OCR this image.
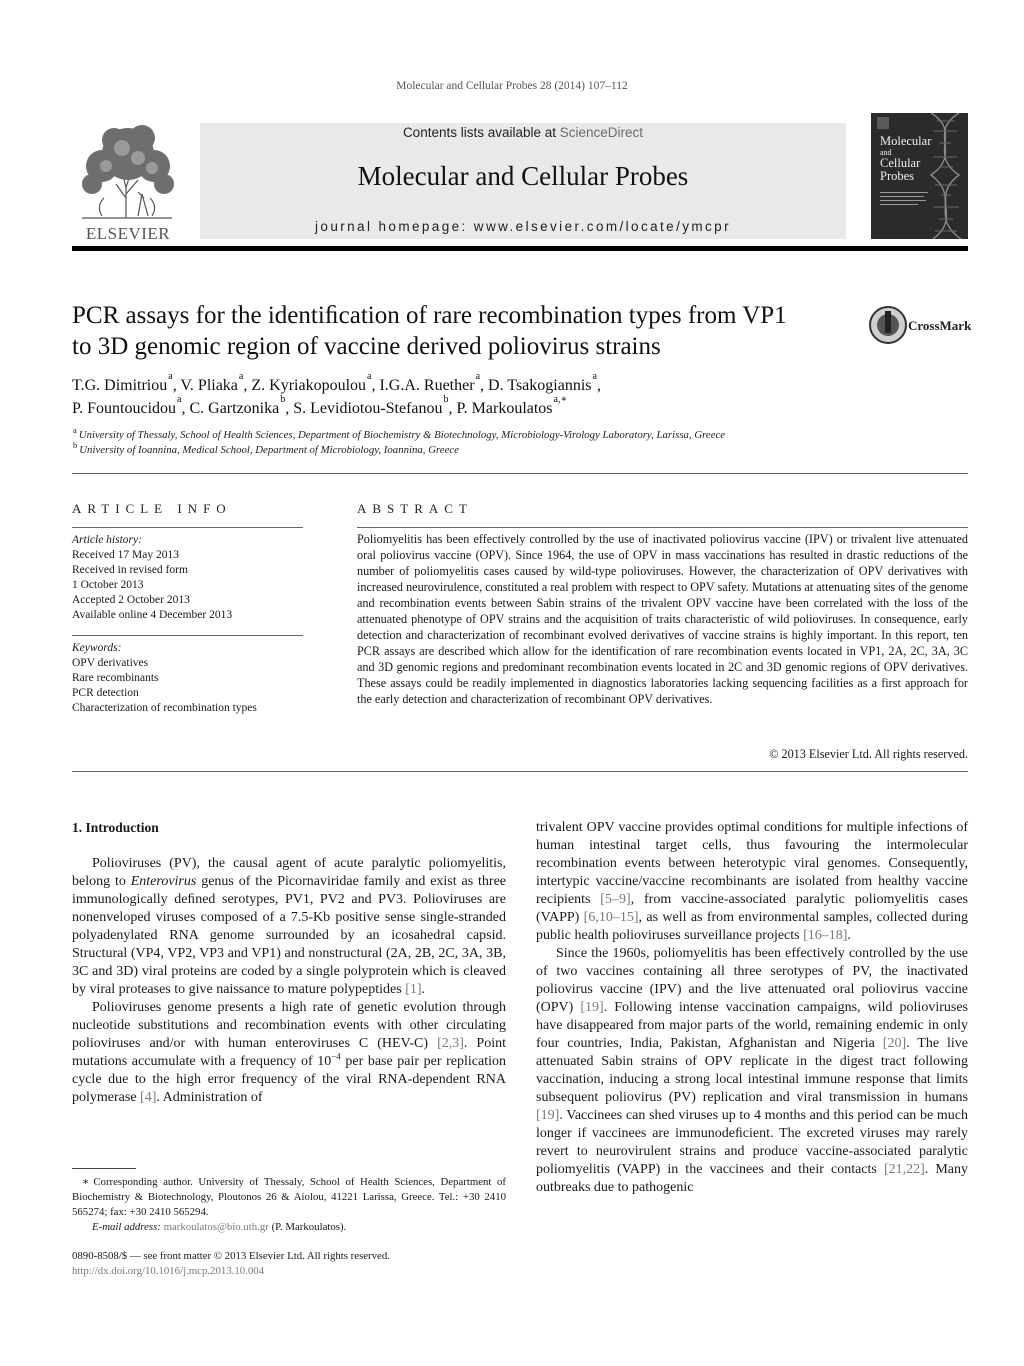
Molecular and Cellular Probes 28 (2014) 107–112
ELSEVIER
Contents lists available at ScienceDirect
Molecular and Cellular Probes
journal homepage: www.elsevier.com/locate/ymcpr
Molecular
and
Cellular
Probes
PCR assays for the identiﬁcation of rare recombination types from VP1
to 3D genomic region of vaccine derived poliovirus strains
CrossMark
T.G. Dimitriou$^a$, V. Pliaka$^a$, Z. Kyriakopoulou$^a$, I.G.A. Ruether$^a$, D. Tsakogiannis$^a$,
P. Fountoucidou$^a$, C. Gartzonika$^b$, S. Levidiotou-Stefanou$^b$, P. Markoulatos$^{a,∗}$
$^a$ University of Thessaly, School of Health Sciences, Department of Biochemistry & Biotechnology, Microbiology-Virology Laboratory, Larissa, Greece
$^b$ University of Ioannina, Medical School, Department of Microbiology, Ioannina, Greece
ARTICLE INFO	ABSTRACT
Article history:
Received 17 May 2013
Received in revised form
1 October 2013
Accepted 2 October 2013
Available online 4 December 2013
Keywords:
OPV derivatives
Rare recombinants
PCR detection
Characterization of recombination types
Poliomyelitis has been effectively controlled by the use of inactivated poliovirus vaccine (IPV) or trivalent live attenuated oral poliovirus vaccine (OPV). Since 1964, the use of OPV in mass vaccinations has resulted in drastic reductions of the number of poliomyelitis cases caused by wild-type polioviruses. However, the characterization of OPV derivatives with increased neurovirulence, constituted a real problem with respect to OPV safety. Mutations at attenuating sites of the genome and recombination events between Sabin strains of the trivalent OPV vaccine have been correlated with the loss of the attenuated phenotype of OPV strains and the acquisition of traits characteristic of wild polioviruses. In consequence, early detection and characterization of recombinant evolved derivatives of vaccine strains is highly important. In this report, ten PCR assays are described which allow for the identification of rare recombination events located in VP1, 2A, 2C, 3A, 3C and 3D genomic regions and predominant recombination events located in 2C and 3D genomic regions of OPV derivatives. These assays could be readily implemented in diagnostics laboratories lacking sequencing facilities as a first approach for the early detection and characterization of recombinant OPV derivatives.
© 2013 Elsevier Ltd. All rights reserved.
1. Introduction

Polioviruses (PV), the causal agent of acute paralytic poliomyelitis, belong to Enterovirus genus of the Picornaviridae family and exist as three immunologically deﬁned serotypes, PV1, PV2 and PV3. Polioviruses are nonenveloped viruses composed of a 7.5-Kb positive sense single-stranded polyadenylated RNA genome surrounded by an icosahedral capsid. Structural (VP4, VP2, VP3 and VP1) and nonstructural (2A, 2B, 2C, 3A, 3B, 3C and 3D) viral proteins are coded by a single polyprotein which is cleaved by viral proteases to give naissance to mature polypeptides [1].

Polioviruses genome presents a high rate of genetic evolution through nucleotide substitutions and recombination events with other circulating polioviruses and/or with human enteroviruses C (HEV-C) [2,3]. Point mutations accumulate with a frequency of $10^{-4}$ per base pair per replication cycle due to the high error frequency of the viral RNA-dependent RNA polymerase [4]. Administration of

trivalent OPV vaccine provides optimal conditions for multiple infections of human intestinal target cells, thus favouring the intermolecular recombination events between heterotypic viral genomes. Consequently, intertypic vaccine/vaccine recombinants are isolated from healthy vaccine recipients [5–9], from vaccine-associated paralytic poliomyelitis cases (VAPP) [6,10–15], as well as from environmental samples, collected during public health polioviruses surveillance projects [16–18].

Since the 1960s, poliomyelitis has been effectively controlled by the use of two vaccines containing all three serotypes of PV, the inactivated poliovirus vaccine (IPV) and the live attenuated oral poliovirus vaccine (OPV) [19]. Following intense vaccination campaigns, wild polioviruses have disappeared from major parts of the world, remaining endemic in only four countries, India, Pakistan, Afghanistan and Nigeria [20]. The live attenuated Sabin strains of OPV replicate in the digest tract following vaccination, inducing a strong local intestinal immune response that limits subsequent poliovirus (PV) replication and viral transmission in humans [19]. Vaccinees can shed viruses up to 4 months and this period can be much longer if vaccinees are immunodeﬁcient. The excreted viruses may rarely revert to neurovirulent strains and produce vaccine-associated paralytic poliomyelitis (VAPP) in the vaccinees and their contacts [21,22]. Many outbreaks due to pathogenic

∗ Corresponding author. University of Thessaly, School of Health Sciences, Department of Biochemistry & Biotechnology, Ploutonos 26 & Aiolou, 41221 Larissa, Greece. Tel.: +30 2410 565274; fax: +30 2410 565294.
E-mail address: markoulatos@bio.uth.gr (P. Markoulatos).
0890-8508/$ — see front matter © 2013 Elsevier Ltd. All rights reserved.
http://dx.doi.org/10.1016/j.mcp.2013.10.004
